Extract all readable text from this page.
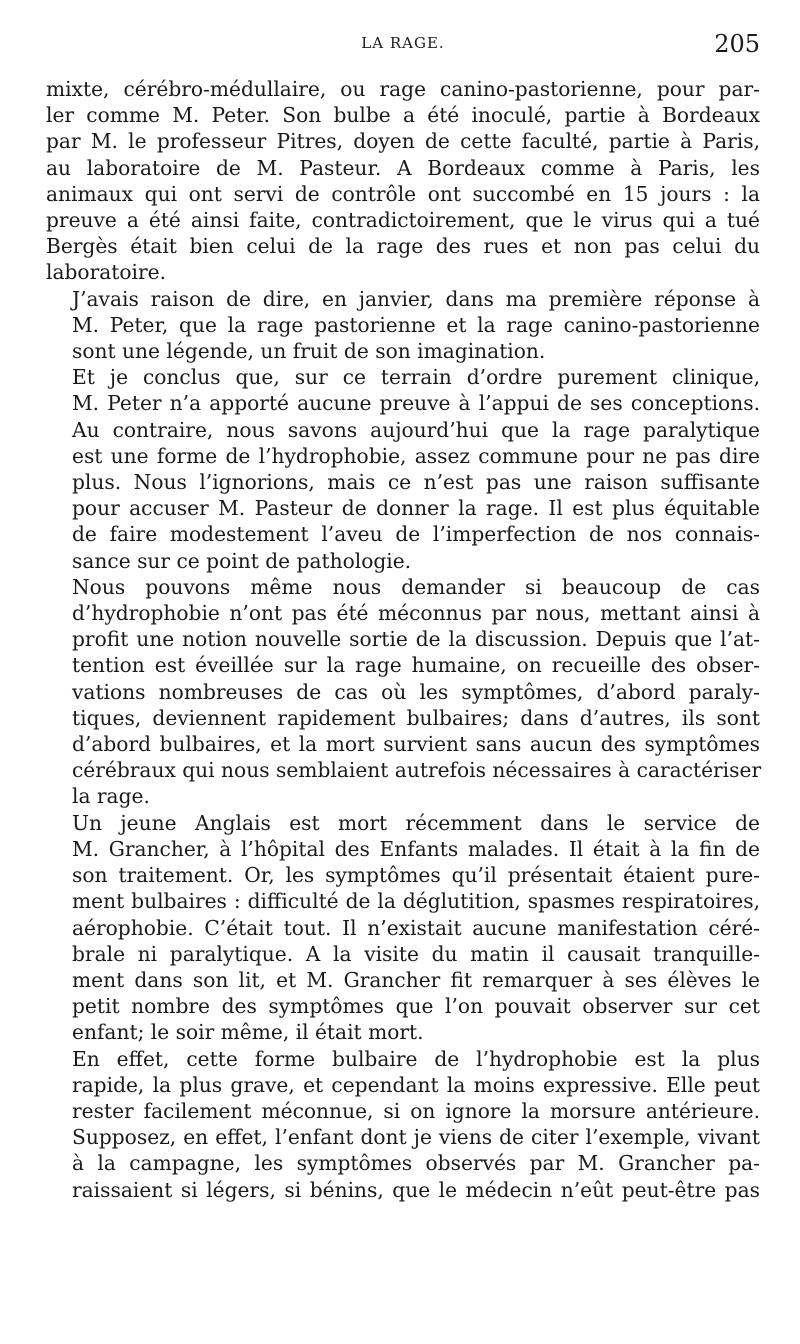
LA RAGE.	205
mixte, cérébro-médullaire, ou rage canino-pastorienne, pour par-
ler comme M. Peter. Son bulbe a été inoculé, partie à Bordeaux
par M. le professeur Pitres, doyen de cette faculté, partie à Paris,
au laboratoire de M. Pasteur. A Bordeaux comme à Paris, les
animaux qui ont servi de contrôle ont succombé en 15 jours : la
preuve a été ainsi faite, contradictoirement, que le virus qui a tué
Bergès était bien celui de la rage des rues et non pas celui du
laboratoire.
J’avais raison de dire, en janvier, dans ma première réponse à
M. Peter, que la rage pastorienne et la rage canino-pastorienne
sont une légende, un fruit de son imagination.
Et je conclus que, sur ce terrain d’ordre purement clinique,
M. Peter n’a apporté aucune preuve à l’appui de ses conceptions.
Au contraire, nous savons aujourd’hui que la rage paralytique
est une forme de l’hydrophobie, assez commune pour ne pas dire
plus. Nous l’ignorions, mais ce n’est pas une raison suffisante
pour accuser M. Pasteur de donner la rage. Il est plus équitable
de faire modestement l’aveu de l’imperfection de nos connais-
sance sur ce point de pathologie.
Nous pouvons même nous demander si beaucoup de cas
d’hydrophobie n’ont pas été méconnus par nous, mettant ainsi à
profit une notion nouvelle sortie de la discussion. Depuis que l’at-
tention est éveillée sur la rage humaine, on recueille des obser-
vations nombreuses de cas où les symptômes, d’abord paraly-
tiques, deviennent rapidement bulbaires; dans d’autres, ils sont
d’abord bulbaires, et la mort survient sans aucun des symptômes
cérébraux qui nous semblaient autrefois nécessaires à caractériser
la rage.
Un jeune Anglais est mort récemment dans le service de
M. Grancher, à l’hôpital des Enfants malades. Il était à la fin de
son traitement. Or, les symptômes qu’il présentait étaient pure-
ment bulbaires : difficulté de la déglutition, spasmes respiratoires,
aérophobie. C’était tout. Il n’existait aucune manifestation céré-
brale ni paralytique. A la visite du matin il causait tranquille-
ment dans son lit, et M. Grancher fit remarquer à ses élèves le
petit nombre des symptômes que l’on pouvait observer sur cet
enfant; le soir même, il était mort.
En effet, cette forme bulbaire de l’hydrophobie est la plus
rapide, la plus grave, et cependant la moins expressive. Elle peut
rester facilement méconnue, si on ignore la morsure antérieure.
Supposez, en effet, l’enfant dont je viens de citer l’exemple, vivant
à la campagne, les symptômes observés par M. Grancher pa-
raissaient si légers, si bénins, que le médecin n’eût peut-être pas
